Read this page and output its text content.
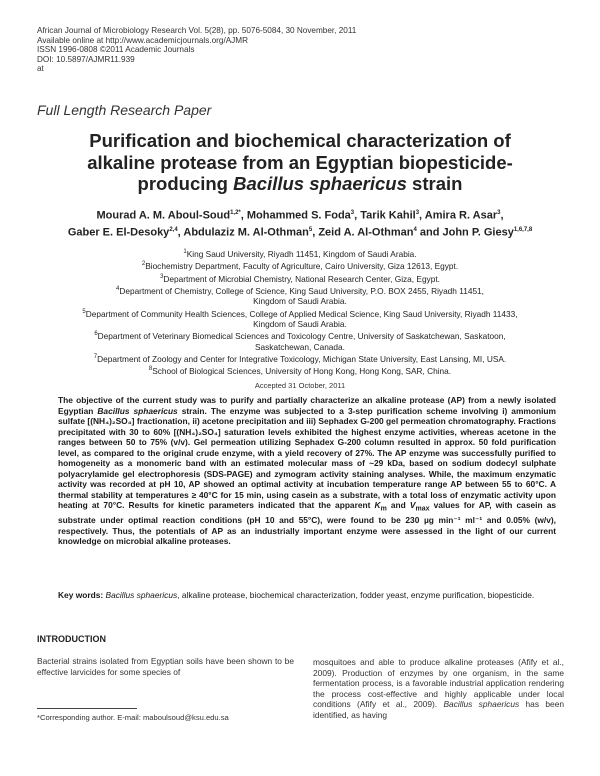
African Journal of Microbiology Research Vol. 5(28), pp. 5076-5084, 30 November, 2011
Available online at http://www.academicjournals.org/AJMR
ISSN 1996-0808 ©2011 Academic Journals
DOI: 10.5897/AJMR11.939
at
Full Length Research Paper
Purification and biochemical characterization of
alkaline protease from an Egyptian biopesticide-
producing Bacillus sphaericus strain
Mourad A. M. Aboul-Soud$^{1,2*}$, Mohammed S. Foda$^3$, Tarik Kahil$^3$, Amira R. Asar$^3$,
Gaber E. El-Desoky$^{2,4}$, Abdulaziz M. Al-Othman$^5$, Zeid A. Al-Othman$^4$ and John P. Giesy$^{1,6,7,8}$
$^1$King Saud University, Riyadh 11451, Kingdom of Saudi Arabia.
$^2$Biochemistry Department, Faculty of Agriculture, Cairo University, Giza 12613, Egypt.
$^3$Department of Microbial Chemistry, National Research Center, Giza, Egypt.
$^4$Department of Chemistry, College of Science, King Saud University, P.O. BOX 2455, Riyadh 11451,
Kingdom of Saudi Arabia.
$^5$Department of Community Health Sciences, College of Applied Medical Science, King Saud University, Riyadh 11433,
Kingdom of Saudi Arabia.
$^6$Department of Veterinary Biomedical Sciences and Toxicology Centre, University of Saskatchewan, Saskatoon,
Saskatchewan, Canada.
$^7$Department of Zoology and Center for Integrative Toxicology, Michigan State University, East Lansing, MI, USA.
$^8$School of Biological Sciences, University of Hong Kong, Hong Kong, SAR, China.
Accepted 31 October, 2011
The objective of the current study was to purify and partially characterize an alkaline protease (AP) from a newly isolated Egyptian Bacillus sphaericus strain. The enzyme was subjected to a 3-step purification scheme involving i) ammonium sulfate [(NH₄)₂SO₄] fractionation, ii) acetone precipitation and iii) Sephadex G-200 gel permeation chromatography. Fractions precipitated with 30 to 60% [(NH₄)₂SO₄] saturation levels exhibited the highest enzyme activities, whereas acetone in the ranges between 50 to 75% (v/v). Gel permeation utilizing Sephadex G-200 column resulted in approx. 50 fold purification level, as compared to the original crude enzyme, with a yield recovery of 27%. The AP enzyme was successfully purified to homogeneity as a monomeric band with an estimated molecular mass of ~29 kDa, based on sodium dodecyl sulphate polyacrylamide gel electrophoresis (SDS-PAGE) and zymogram activity staining analyses. While, the maximum enzymatic activity was recorded at pH 10, AP showed an optimal activity at incubation temperature range AP between 55 to 60°C. A thermal stability at temperatures ≥ 40°C for 15 min, using casein as a substrate, with a total loss of enzymatic activity upon heating at 70°C. Results for kinetic parameters indicated that the apparent $K_m$ and $V_{max}$ values for AP, with casein as substrate under optimal reaction conditions (pH 10 and 55°C), were found to be 230 µg min⁻¹ ml⁻¹ and 0.05% (w/v), respectively. Thus, the potentials of AP as an industrially important enzyme were assessed in the light of our current knowledge on microbial alkaline proteases.
Key words: Bacillus sphaericus, alkaline protease, biochemical characterization, fodder yeast, enzyme purification, biopesticide.
INTRODUCTION
Bacterial strains isolated from Egyptian soils have been shown to be effective larvicides for some species of
mosquitoes and able to produce alkaline proteases (Afify et al., 2009). Production of enzymes by one organism, in the same fermentation process, is a favorable industrial application rendering the process cost-effective and highly applicable under local conditions (Afify et al., 2009). Bacillus sphaericus has been identified, as having
*Corresponding author. E-mail: maboulsoud@ksu.edu.sa
